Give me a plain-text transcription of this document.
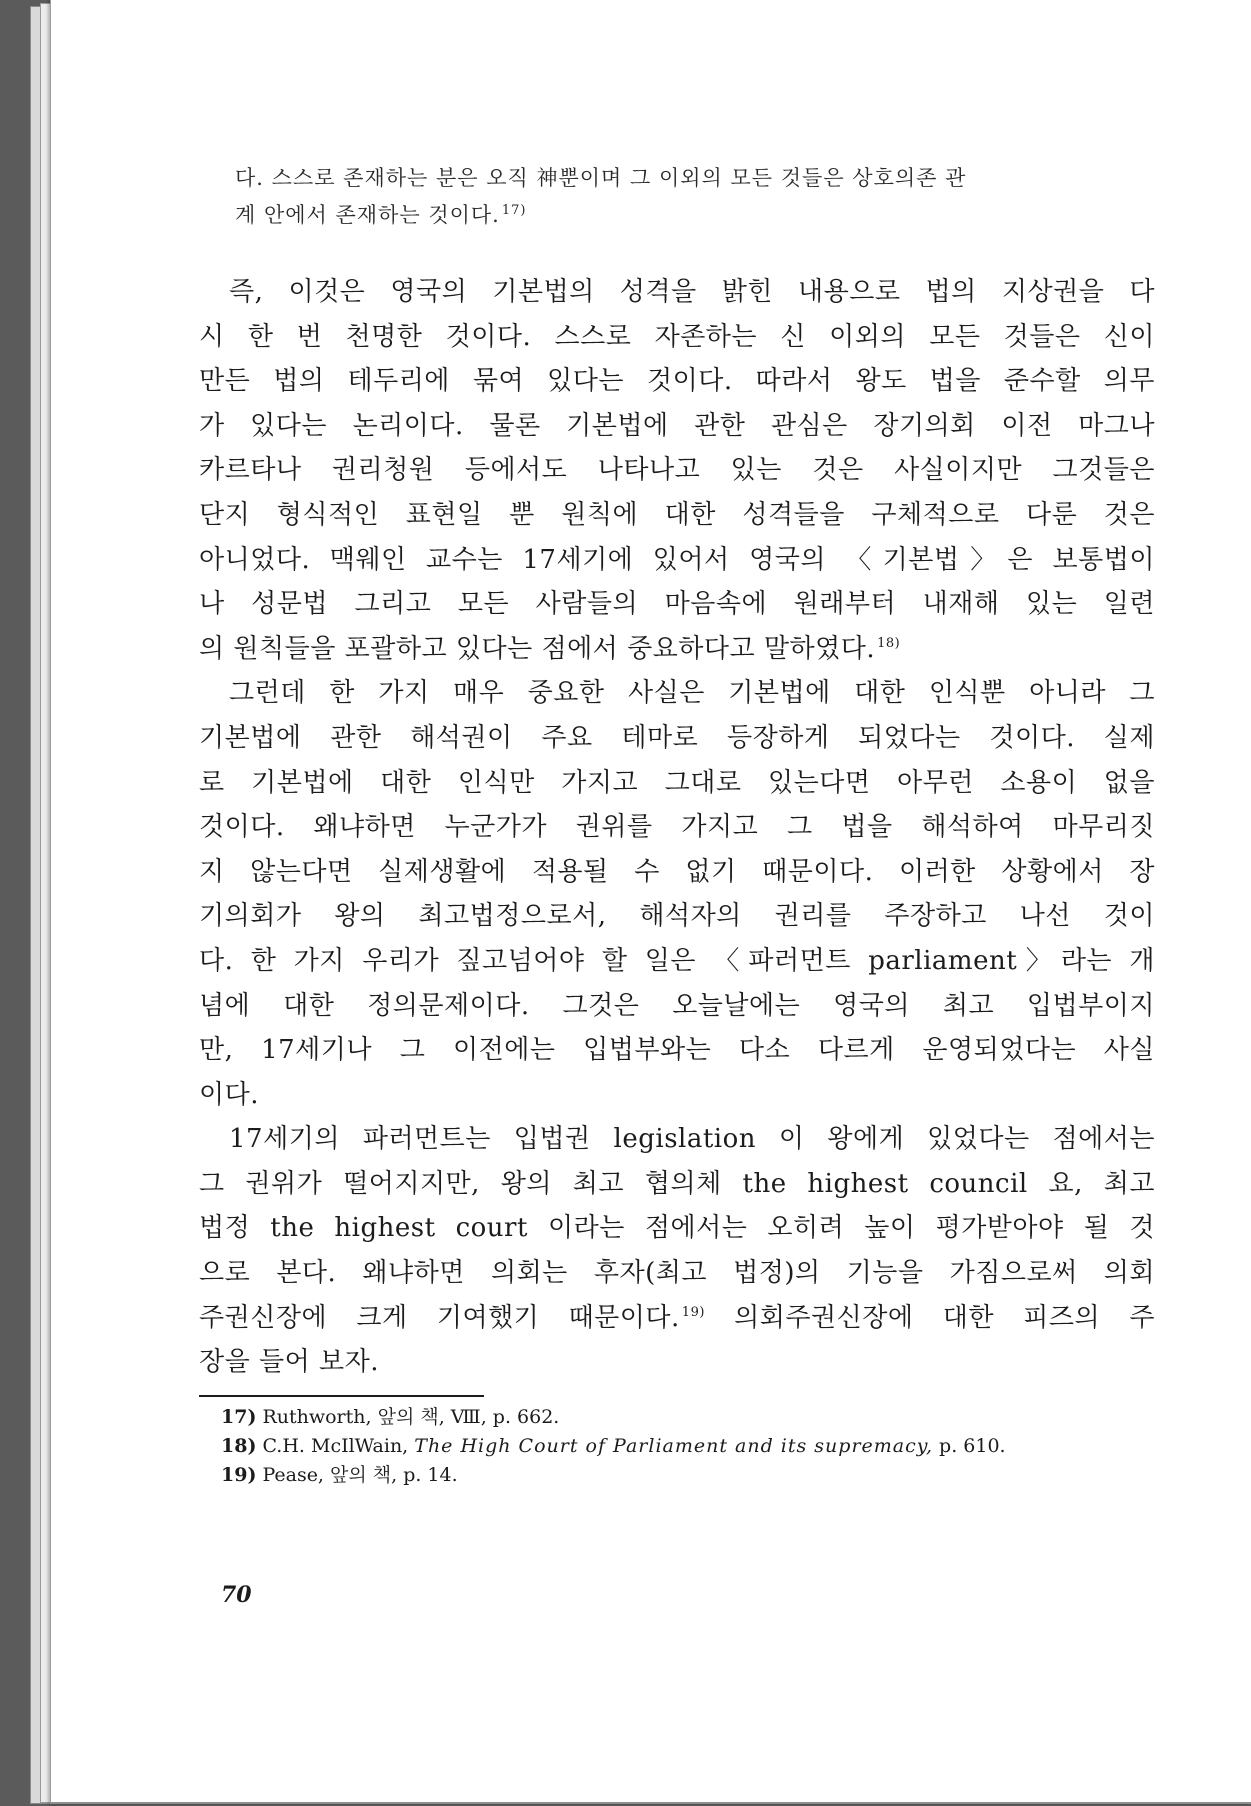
다. 스스로 존재하는 분은 오직 神뿐이며 그 이외의 모든 것들은 상호의존 관
계 안에서 존재하는 것이다. $^{17)}$
즉, 이것은 영국의 기본법의 성격을 밝힌 내용으로 법의 지상권을 다
시 한 번 천명한 것이다. 스스로 자존하는 신 이외의 모든 것들은 신이
만든 법의 테두리에 묶여 있다는 것이다. 따라서 왕도 법을 준수할 의무
가 있다는 논리이다. 물론 기본법에 관한 관심은 장기의회 이전 마그나
카르타나 권리청원 등에서도 나타나고 있는 것은 사실이지만 그것들은
단지 형식적인 표현일 뿐 원칙에 대한 성격들을 구체적으로 다룬 것은
아니었다. 맥웨인 교수는 17세기에 있어서 영국의 〈기본법〉은 보통법이
나 성문법 그리고 모든 사람들의 마음속에 원래부터 내재해 있는 일련
의 원칙들을 포괄하고 있다는 점에서 중요하다고 말하였다. $^{18)}$
그런데 한 가지 매우 중요한 사실은 기본법에 대한 인식뿐 아니라 그
기본법에 관한 해석권이 주요 테마로 등장하게 되었다는 것이다. 실제
로 기본법에 대한 인식만 가지고 그대로 있는다면 아무런 소용이 없을
것이다. 왜냐하면 누군가가 권위를 가지고 그 법을 해석하여 마무리짓
지 않는다면 실제생활에 적용될 수 없기 때문이다. 이러한 상황에서 장
기의회가 왕의 최고법정으로서, 해석자의 권리를 주장하고 나선 것이
다. 한 가지 우리가 짚고넘어야 할 일은 〈파러먼트 parliament〉라는 개
념에 대한 정의문제이다. 그것은 오늘날에는 영국의 최고 입법부이지
만, 17세기나 그 이전에는 입법부와는 다소 다르게 운영되었다는 사실
이다.
17세기의 파러먼트는 입법권 legislation 이 왕에게 있었다는 점에서는
그 권위가 떨어지지만, 왕의 최고 협의체 the highest council 요, 최고
법정 the highest court 이라는 점에서는 오히려 높이 평가받아야 될 것
으로 본다. 왜냐하면 의회는 후자(최고 법정)의 기능을 가짐으로써 의회
주권신장에 크게 기여했기 때문이다. $^{19)}$ 의회주권신장에 대한 피즈의 주
장을 들어 보자.
17) Ruthworth, 앞의 책, Ⅷ, p. 662.
18) C.H. McIlWain, The High Court of Parliament and its supremacy, p. 610.
19) Pease, 앞의 책, p. 14.
70
